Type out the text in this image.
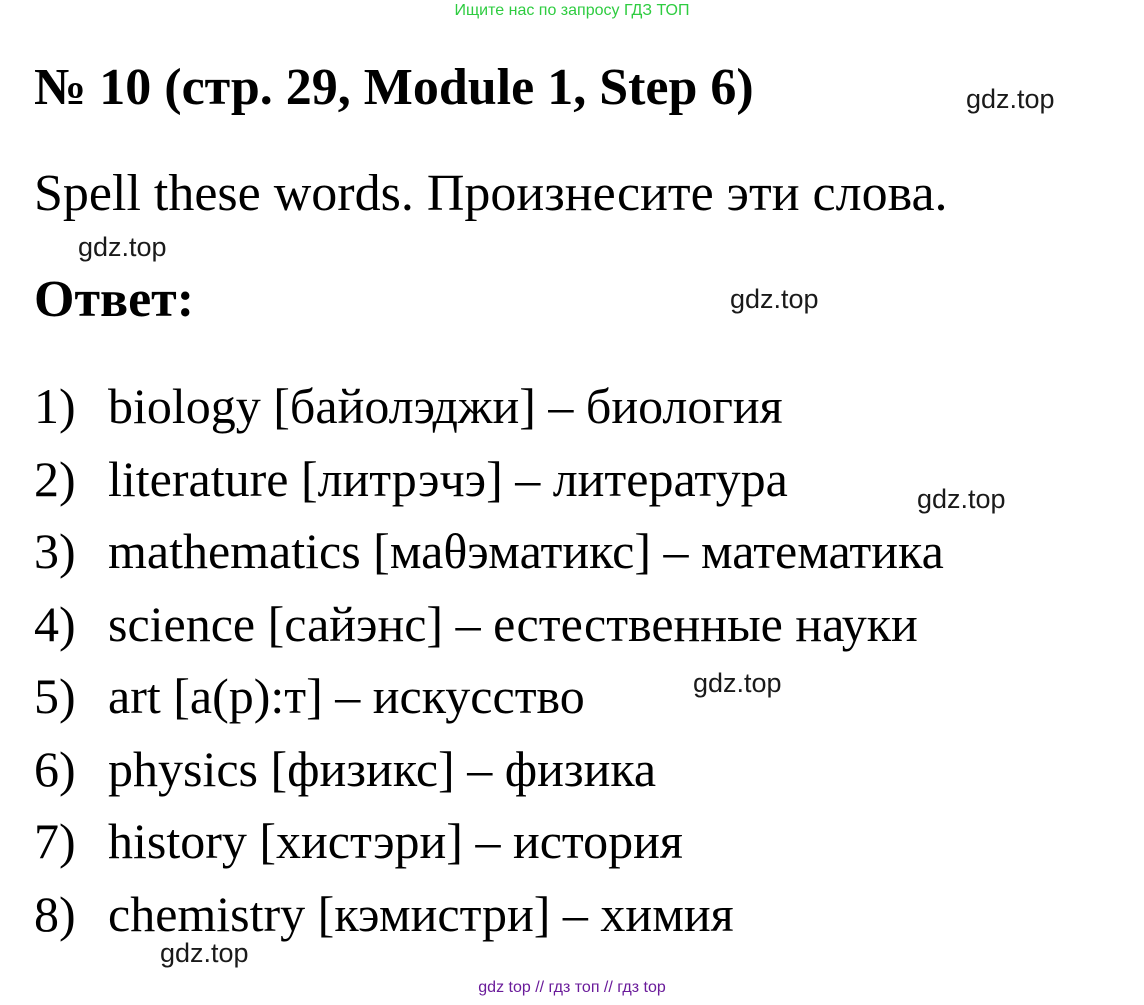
Ищите нас по запросу ГДЗ ТОП
№ 10 (стр. 29, Module 1, Step 6)	gdz.top
Spell these words. Произнесите эти слова.
gdz.top
Ответ:	gdz.top
1) biology [байолэджи] – биология
2) literature [литрэчэ] – литература
3) mathematics [маθэматикс] – математика
4) science [сайэнс] – естественные науки
5) art [а(р):т] – искусство
6) physics [физикс] – физика
7) history [хистэри] – история
8) chemistry [кэмистри] – химия
gdz.top
gdz.top
gdz.top
gdz top // гдз топ // гдз top
